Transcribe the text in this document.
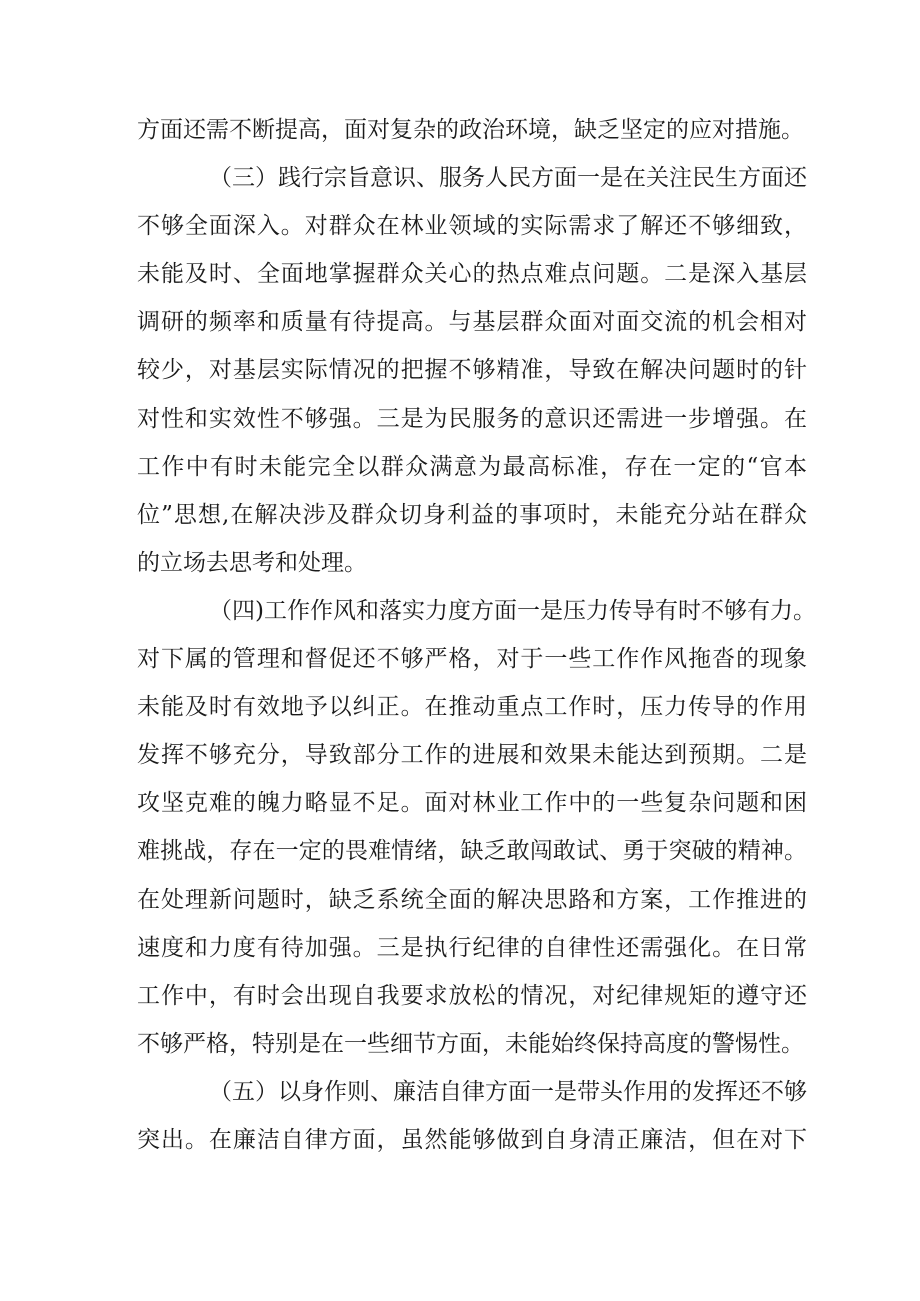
方面还需不断提高，面对复杂的政治环境，缺乏坚定的应对措施。
（三）践行宗旨意识、服务人民方面一是在关注民生方面还
不够全面深入。对群众在林业领域的实际需求了解还不够细致，
未能及时、全面地掌握群众关心的热点难点问题。二是深入基层
调研的频率和质量有待提高。与基层群众面对面交流的机会相对
较少，对基层实际情况的把握不够精准，导致在解决问题时的针
对性和实效性不够强。三是为民服务的意识还需进一步增强。在
工作中有时未能完全以群众满意为最高标准，存在一定的“官本
位”思想,在解决涉及群众切身利益的事项时，未能充分站在群众
的立场去思考和处理。
（四)工作作风和落实力度方面一是压力传导有时不够有力。
对下属的管理和督促还不够严格，对于一些工作作风拖沓的现象
未能及时有效地予以纠正。在推动重点工作时，压力传导的作用
发挥不够充分，导致部分工作的进展和效果未能达到预期。二是
攻坚克难的魄力略显不足。面对林业工作中的一些复杂问题和困
难挑战，存在一定的畏难情绪，缺乏敢闯敢试、勇于突破的精神。
在处理新问题时，缺乏系统全面的解决思路和方案，工作推进的
速度和力度有待加强。三是执行纪律的自律性还需强化。在日常
工作中，有时会出现自我要求放松的情况，对纪律规矩的遵守还
不够严格，特别是在一些细节方面，未能始终保持高度的警惕性。
（五）以身作则、廉洁自律方面一是带头作用的发挥还不够
突出。在廉洁自律方面，虽然能够做到自身清正廉洁，但在对下
